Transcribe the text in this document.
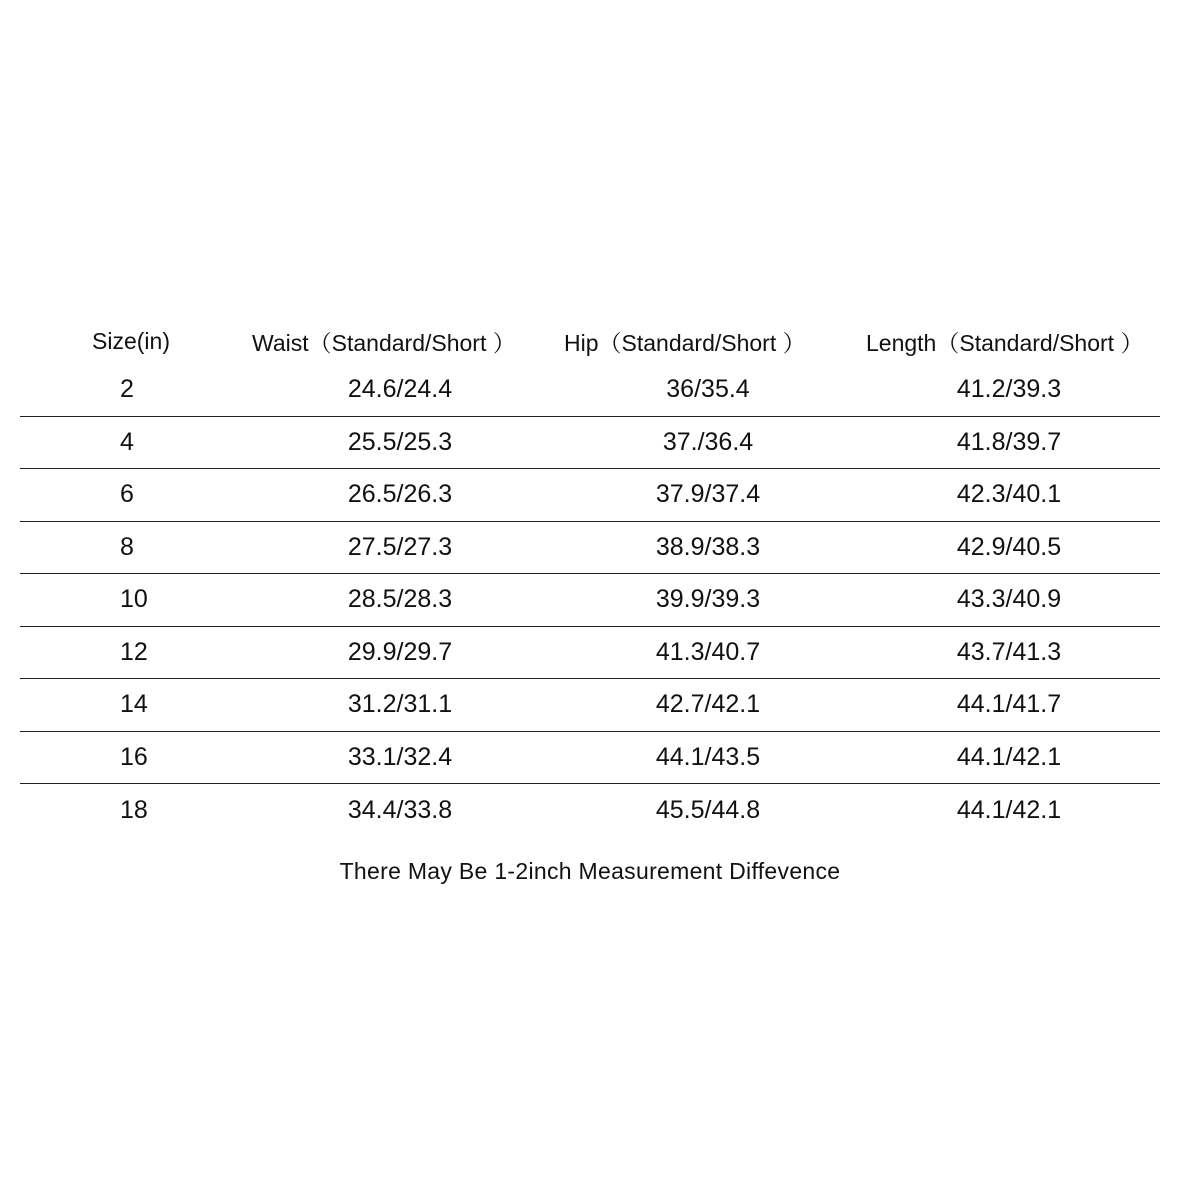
Size(in)	Waist（Standard/Short ）	Hip（Standard/Short ）	Length（Standard/Short ）
2	24.6/24.4	36/35.4	41.2/39.3
4	25.5/25.3	37./36.4	41.8/39.7
6	26.5/26.3	37.9/37.4	42.3/40.1
8	27.5/27.3	38.9/38.3	42.9/40.5
10	28.5/28.3	39.9/39.3	43.3/40.9
12	29.9/29.7	41.3/40.7	43.7/41.3
14	31.2/31.1	42.7/42.1	44.1/41.7
16	33.1/32.4	44.1/43.5	44.1/42.1
18	34.4/33.8	45.5/44.8	44.1/42.1
There May Be 1-2inch Measurement Diffevence
